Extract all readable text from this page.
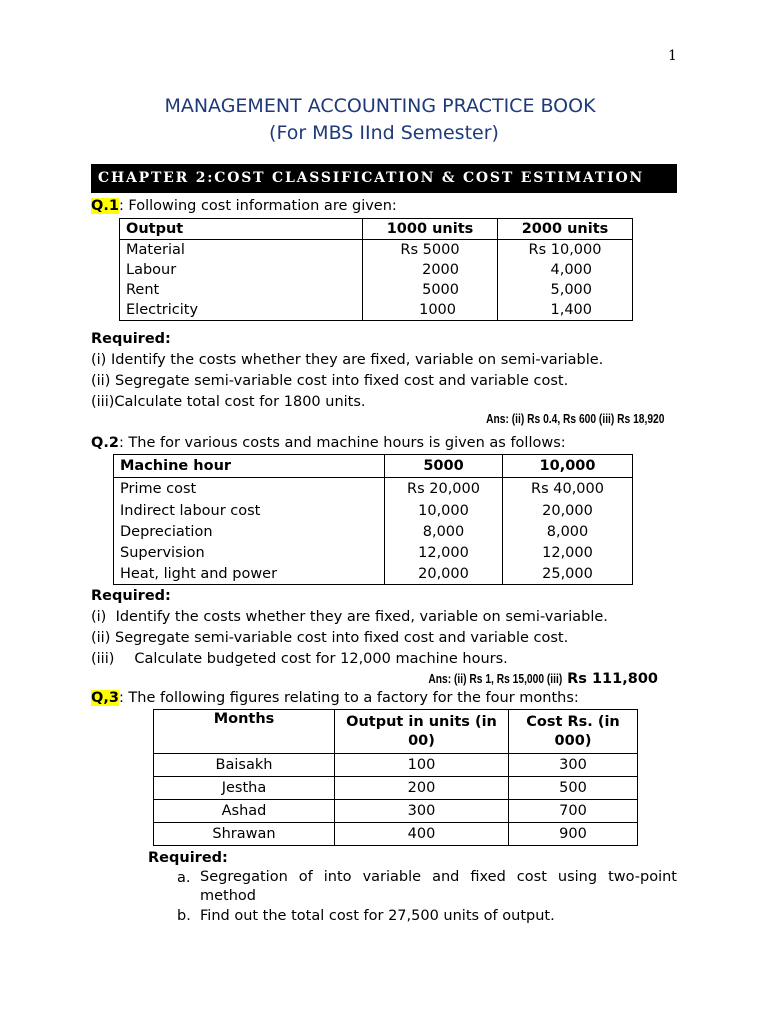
1
MANAGEMENT ACCOUNTING PRACTICE BOOK
(For MBS IInd Semester)
CHAPTER 2:COST CLASSIFICATION & COST ESTIMATION
Q.1: Following cost information are given:
Output	1000 units	2000 units
Material	Rs 5000	Rs 10,000
Labour	2000	4,000
Rent	5000	5,000
Electricity	1000	1,400
Required:
(i) Identify the costs whether they are fixed, variable on semi-variable.
(ii) Segregate semi-variable cost into fixed cost and variable cost.
(iii)Calculate total cost for 1800 units.
Ans: (ii) Rs 0.4, Rs 600 (iii) Rs 18,920
Q.2: The for various costs and machine hours is given as follows:
Machine hour	5000	10,000
Prime cost	Rs 20,000	Rs 40,000
Indirect labour cost	10,000	20,000
Depreciation	8,000	8,000
Supervision	12,000	12,000
Heat, light and power	20,000	25,000
Required:
(i) Identify the costs whether they are fixed, variable on semi-variable.
(ii) Segregate semi-variable cost into fixed cost and variable cost.
(iii) Calculate budgeted cost for 12,000 machine hours.
Ans: (ii) Rs 1, Rs 15,000 (iii) Rs 111,800
Q,3: The following figures relating to a factory for the four months:
Months	Output in units (in 00)	Cost Rs. (in 000)
Baisakh	100	300
Jestha	200	500
Ashad	300	700
Shrawan	400	900
Required:
a. Segregation of into variable and fixed cost using two-point method
b. Find out the total cost for 27,500 units of output.
